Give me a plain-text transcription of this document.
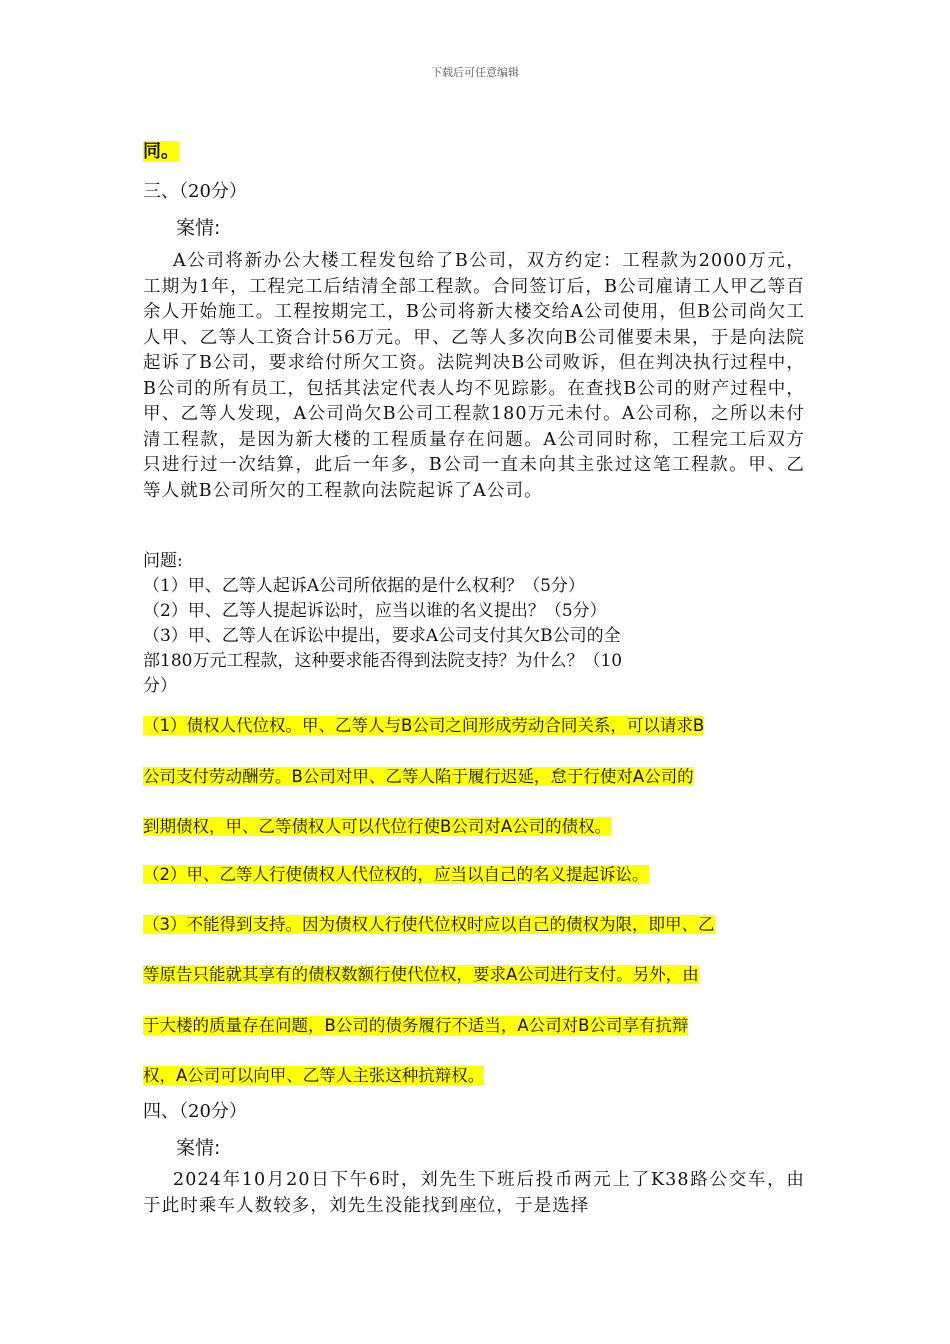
下载后可任意编辑
同。
三、（20分）
案情:
A公司将新办公大楼工程发包给了B公司，双方约定：工程款为2000万元，工期为1年，工程完工后结清全部工程款。合同签订后，B公司雇请工人甲乙等百余人开始施工。工程按期完工，B公司将新大楼交给A公司使用，但B公司尚欠工人甲、乙等人工资合计56万元。甲、乙等人多次向B公司催要未果，于是向法院起诉了B公司，要求给付所欠工资。法院判决B公司败诉，但在判决执行过程中，B公司的所有员工，包括其法定代表人均不见踪影。在查找B公司的财产过程中，甲、乙等人发现，A公司尚欠B公司工程款180万元未付。A公司称，之所以未付清工程款，是因为新大楼的工程质量存在问题。A公司同时称，工程完工后双方只进行过一次结算，此后一年多，B公司一直未向其主张过这笔工程款。甲、乙等人就B公司所欠的工程款向法院起诉了A公司。
问题:
（1）甲、乙等人起诉A公司所依据的是什么权利？（5分）
（2）甲、乙等人提起诉讼时，应当以谁的名义提出？（5分）
（3）甲、乙等人在诉讼中提出，要求A公司支付其欠B公司的全
部180万元工程款，这种要求能否得到法院支持？为什么？（10
分）
（1）债权人代位权。甲、乙等人与B公司之间形成劳动合同关系，可以请求B
公司支付劳动酬劳。B公司对甲、乙等人陷于履行迟延，怠于行使对A公司的
到期债权，甲、乙等债权人可以代位行使B公司对A公司的债权。
（2）甲、乙等人行使债权人代位权的，应当以自己的名义提起诉讼。
（3）不能得到支持。因为债权人行使代位权时应以自己的债权为限，即甲、乙
等原告只能就其享有的债权数额行使代位权，要求A公司进行支付。另外，由
于大楼的质量存在问题，B公司的债务履行不适当，A公司对B公司享有抗辩
权，A公司可以向甲、乙等人主张这种抗辩权。
四、（20分）
案情:
2024年10月20日下午6时，刘先生下班后投币两元上了K38路公交车，由于此时乘车人数较多，刘先生没能找到座位，于是选择
